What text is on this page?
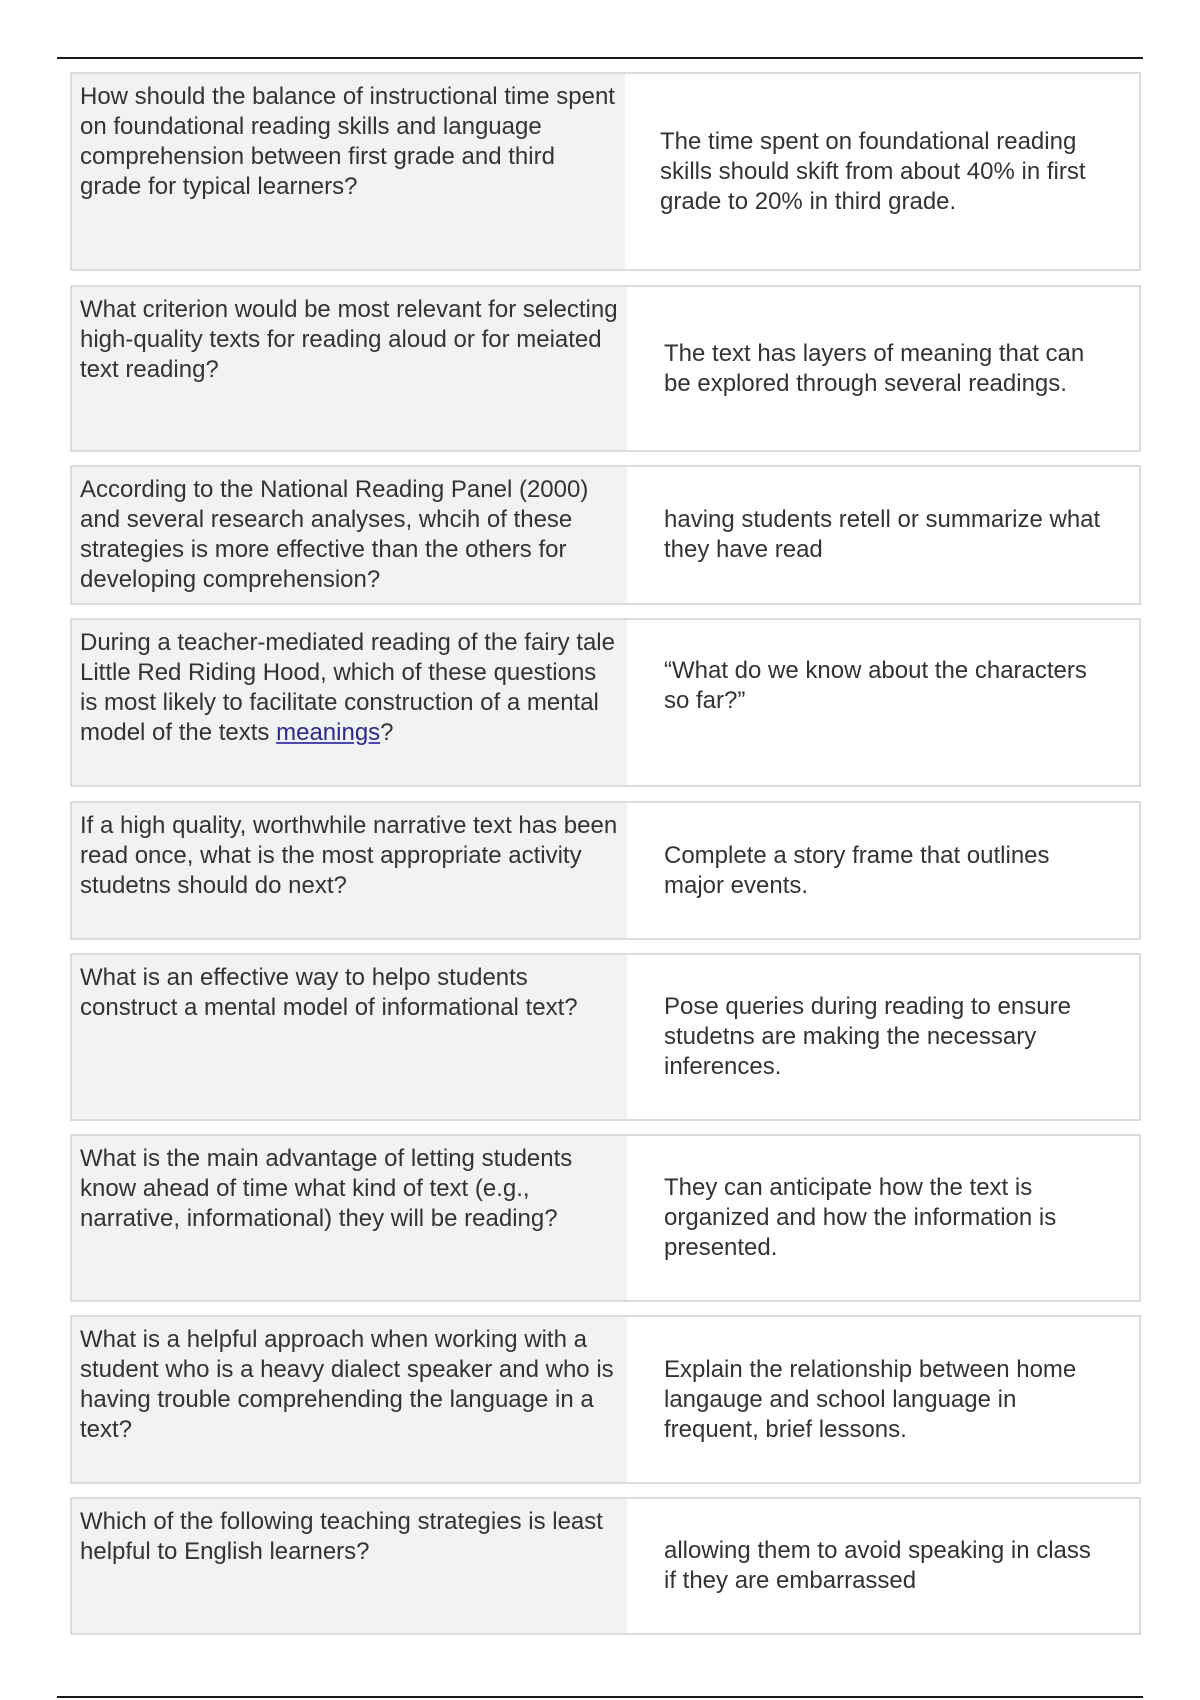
How should the balance of instructional time spent on foundational reading skills and language comprehension between first grade and third grade for typical learners?
The time spent on foundational reading skills should skift from about 40% in first grade to 20% in third grade.
What criterion would be most relevant for selecting high-quality texts for reading aloud or for meiated text reading?
The text has layers of meaning that can be explored through several readings.
According to the National Reading Panel (2000) and several research analyses, whcih of these strategies is more effective than the others for developing comprehension?
having students retell or summarize what they have read
During a teacher-mediated reading of the fairy tale Little Red Riding Hood, which of these questions is most likely to facilitate construction of a mental model of the texts meanings?
“What do we know about the characters so far?”
If a high quality, worthwhile narrative text has been read once, what is the most appropriate activity studetns should do next?
Complete a story frame that outlines major events.
What is an effective way to helpo students construct a mental model of informational text?	Pose queries during reading to ensure studetns are making the necessary inferences.
What is the main advantage of letting students know ahead of time what kind of text (e.g., narrative, informational) they will be reading?
They can anticipate how the text is organized and how the information is presented.
What is a helpful approach when working with a student who is a heavy dialect speaker and who is having trouble comprehending the language in a text?
Explain the relationship between home langauge and school language in frequent, brief lessons.
Which of the following teaching strategies is least helpful to English learners?	allowing them to avoid speaking in class if they are embarrassed
